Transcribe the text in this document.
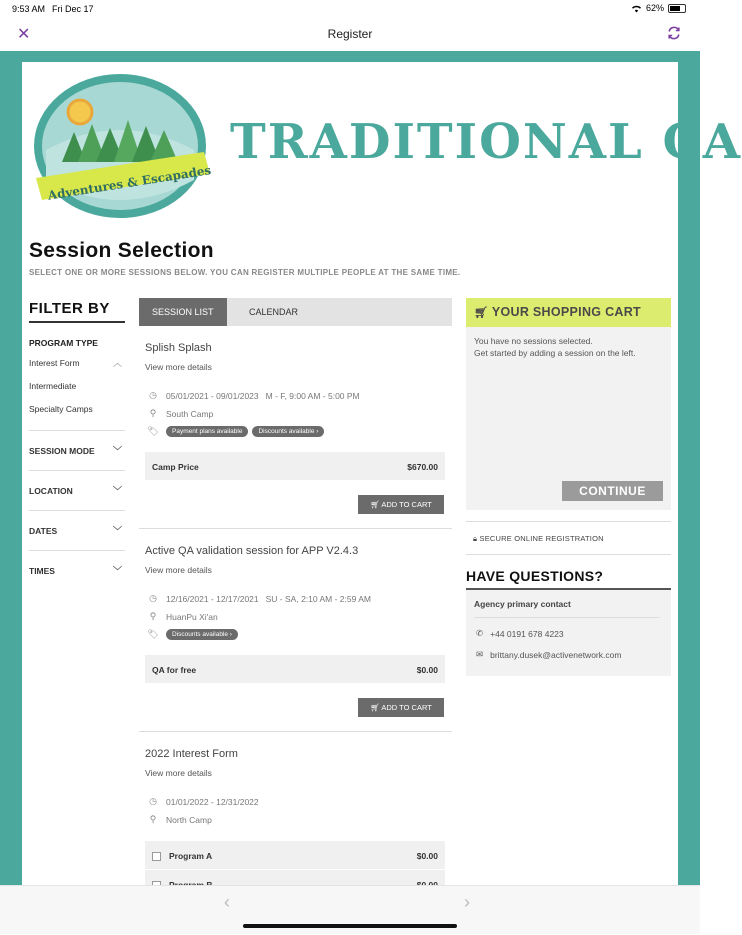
9:53 AM Fri Dec 17	62%
✕	Register
Adventures & Escapades
TRADITIONAL CA
Session Selection
SELECT ONE OR MORE SESSIONS BELOW. YOU CAN REGISTER MULTIPLE PEOPLE AT THE SAME TIME.
FILTER BY
PROGRAM TYPE
Interest Form	︿
Intermediate
Specialty Camps
SESSION MODE ﹀
LOCATION	﹀
DATES	﹀
TIMES	﹀
SESSION LIST	CALENDAR
Splish Splash
View more details
◷ 05/01/2021 - 09/01/2023 M - F, 9:00 AM - 5:00 PM
⚲	South Camp
🏷	Payment plans available Discounts available ›
Camp Price	$670.00
🛒︎ ADD TO CART
Active QA validation session for APP V2.4.3
View more details
◷ 12/16/2021 - 12/17/2021 SU - SA, 2:10 AM - 2:59 AM
⚲	HuanPu Xi'an
🏷	Discounts available ›
QA for free	$0.00
🛒︎ ADD TO CART
2022 Interest Form
View more details
◷ 01/01/2022 - 12/31/2022
⚲	North Camp
Program A	$0.00
🛒︎ YOUR SHOPPING CART
You have no sessions selected.
Get started by adding a session on the left.
CONTINUE
🔒︎ SECURE ONLINE REGISTRATION
HAVE QUESTIONS?
Agency primary contact
✆ +44 0191 678 4223
✉ brittany.dusek@activenetwork.com
‹	›
